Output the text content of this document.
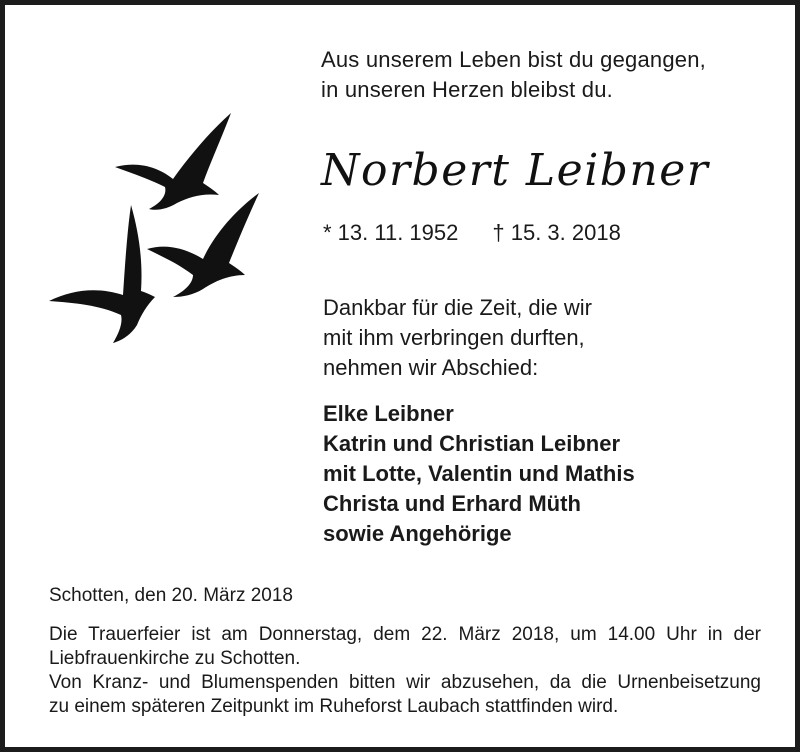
Aus unserem Leben bist du gegangen,
in unseren Herzen bleibst du.
Norbert Leibner
* 13. 11. 1952 † 15. 3. 2018
Dankbar für die Zeit, die wir
mit ihm verbringen durften,
nehmen wir Abschied:
Elke Leibner
Katrin und Christian Leibner
mit Lotte, Valentin und Mathis
Christa und Erhard Müth
sowie Angehörige
Schotten, den 20. März 2018
Die Trauerfeier ist am Donnerstag, dem 22. März 2018, um 14.00 Uhr in der
Liebfrauenkirche zu Schotten.
Von Kranz- und Blumenspenden bitten wir abzusehen, da die Urnenbeisetzung
zu einem späteren Zeitpunkt im Ruheforst Laubach stattfinden wird.
